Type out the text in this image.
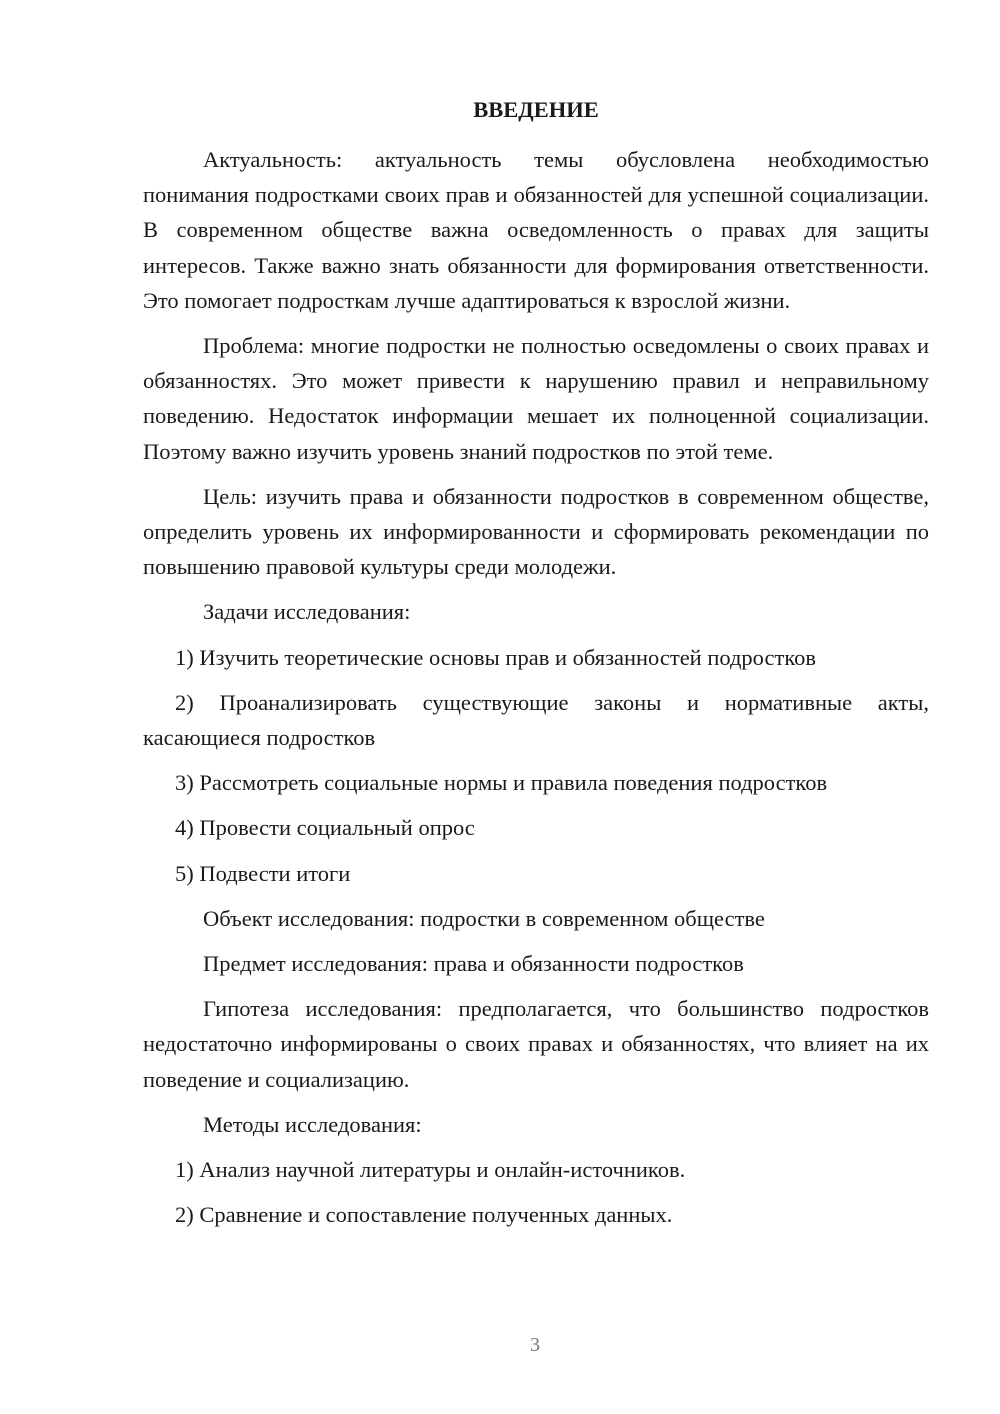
ВВЕДЕНИЕ
Актуальность: актуальность темы обусловлена необходимостью понимания подростками своих прав и обязанностей для успешной социализации. В современном обществе важна осведомленность о правах для защиты интересов. Также важно знать обязанности для формирования ответственности. Это помогает подросткам лучше адаптироваться к взрослой жизни.
Проблема: многие подростки не полностью осведомлены о своих правах и обязанностях. Это может привести к нарушению правил и неправильному поведению. Недостаток информации мешает их полноценной социализации. Поэтому важно изучить уровень знаний подростков по этой теме.
Цель: изучить права и обязанности подростков в современном обществе, определить уровень их информированности и сформировать рекомендации по повышению правовой культуры среди молодежи.
Задачи исследования:
1) Изучить теоретические основы прав и обязанностей подростков
2) Проанализировать существующие законы и нормативные акты, касающиеся подростков
3) Рассмотреть социальные нормы и правила поведения подростков
4) Провести социальный опрос
5) Подвести итоги
Объект исследования: подростки в современном обществе
Предмет исследования: права и обязанности подростков
Гипотеза исследования: предполагается, что большинство подростков недостаточно информированы о своих правах и обязанностях, что влияет на их поведение и социализацию.
Методы исследования:
1) Анализ научной литературы и онлайн-источников.
2) Сравнение и сопоставление полученных данных.
3
